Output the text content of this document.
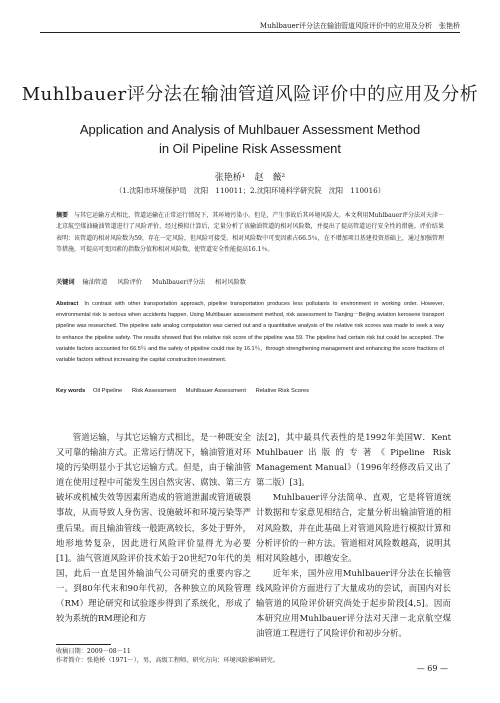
Muhlbauer评分法在输油管道风险评价中的应用及分析　张艳桥
Muhlbauer评分法在输油管道风险评价中的应用及分析
Application and Analysis of Muhlbauer Assessment Method
in Oil Pipeline Risk Assessment
张艳桥¹　赵　薇²
（1.沈阳市环境保护局　沈阳　110011；2.沈阳环境科学研究院　沈阳　110016）
摘要 与其它运输方式相比，管道运输在正常运行情况下，其环境污染小。但是，产生事故后其环境风险大。本文利用Muhlbauer评分法对天津－北京航空煤油输油管道进行了风险评价，经过模拟计算后，定量分析了该输油管道的相对风险数，并提出了提高管道运行安全性的措施。评价结果表明：该管道的相对风险数为59，存在一定风险，但风险可接受。相对风险数中可变因素占66.5％，在不增加项目基建投资基础上，通过加强管理等措施，可提高可变因素的指数分值和相对风险数，使管道安全性能提高16.1％。
关键词 输油管道 风险评价 Muhlbauer评分法 相对风险数
Abstract In contrast with other transportation approach, pipeline transportation produces less pollutants to environment in working order. However, environmental risk is serious when accidents happen. Using Muhlbauer assessment method, risk assessment to Tianjing－Beijing aviation kerosene transport pipeline was researched. The pipeline safe analog computation was carried out and a quantitative analysis of the relative risk scores was made to seek a way to enhance the pipeline safety. The results showed that the relative risk score of the pipeline was 59. The pipeline had certain risk but could be accepted. The variable factors accounted for 66.5％ and the safety of pipeline could rise by 16.1％，through strengthening management and enhancing the score fractions of variable factors without increasing the capital construction investment.
Key words Oil Pipeline Risk Assessment Muhlbauer Assessment Relative Risk Scores

管道运输，与其它运输方式相比，是一种既安全又可靠的输油方式。正常运行情况下，输油管道对环境的污染明显小于其它运输方式。但是，由于输油管道在使用过程中可能发生因自然灾害、腐蚀、第三方破坏或机械失效等因素所造成的管道泄漏或管道破裂事故，从而导致人身伤害、设施破坏和环境污染等严重后果。而且输油管线一般距离较长，多处于野外，地形地势复杂，因此进行风险评价显得尤为必要[1]。油气管道风险评价技术始于20世纪70年代的美国，此后一直是国外输油气公司研究的重要内容之一。到80年代末和90年代初，各种独立的风险管理（RM）理论研究和试验逐步得到了系统化，形成了较为系统的RM理论和方

法[2]，其中最具代表性的是1992年美国W．Kent Muhlbauer出版的专著《Pipeline Risk Management Manual》（1996年经修改后又出了第二版）[3]。

Muhlbauer评分法简单、直观，它是将管道统计数据和专家意见相结合，定量分析出输油管道的相对风险数，并在此基础上对管道风险进行模拟计算和分析评价的一种方法。管道相对风险数越高，说明其相对风险越小，即越安全。

近年来，国外应用Muhlbauer评分法在长输管线风险评价方面进行了大量成功的尝试，而国内对长输管道的风险评价研究尚处于起步阶段[4,5]。因而本研究应用Muhlbauer评分法对天津－北京航空煤油管道工程进行了风险评价和初步分析。

收稿日期：2009－08－11
作者简介：张艳桥（1971－），男，高级工程师。研究方向：环境风险影响研究。
— 69 —
